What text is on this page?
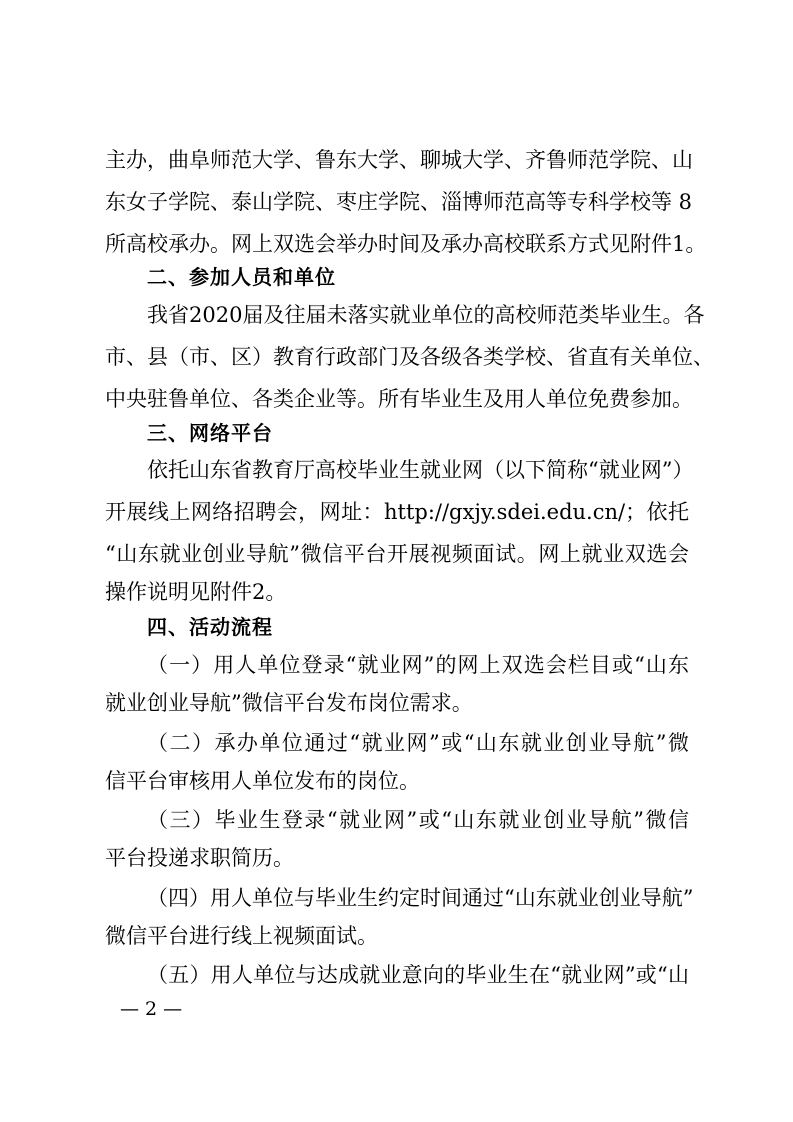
主办，曲阜师范大学、鲁东大学、聊城大学、齐鲁师范学院、山
东女子学院、泰山学院、枣庄学院、淄博师范高等专科学校等 8
所高校承办。网上双选会举办时间及承办高校联系方式见附件1。
二、参加人员和单位
我省2020届及往届未落实就业单位的高校师范类毕业生。各
市、县（市、区）教育行政部门及各级各类学校、省直有关单位、
中央驻鲁单位、各类企业等。所有毕业生及用人单位免费参加。
三、网络平台
依托山东省教育厅高校毕业生就业网（以下简称“就业网”）
开展线上网络招聘会，网址：http://gxjy.sdei.edu.cn/；依托
“山东就业创业导航”微信平台开展视频面试。网上就业双选会
操作说明见附件2。
四、活动流程
（一）用人单位登录“就业网”的网上双选会栏目或“山东
就业创业导航”微信平台发布岗位需求。
（二）承办单位通过“就业网”或“山东就业创业导航”微
信平台审核用人单位发布的岗位。
（三）毕业生登录“就业网”或“山东就业创业导航”微信
平台投递求职简历。
（四）用人单位与毕业生约定时间通过“山东就业创业导航”
微信平台进行线上视频面试。
（五）用人单位与达成就业意向的毕业生在“就业网”或“山
— 2 —
